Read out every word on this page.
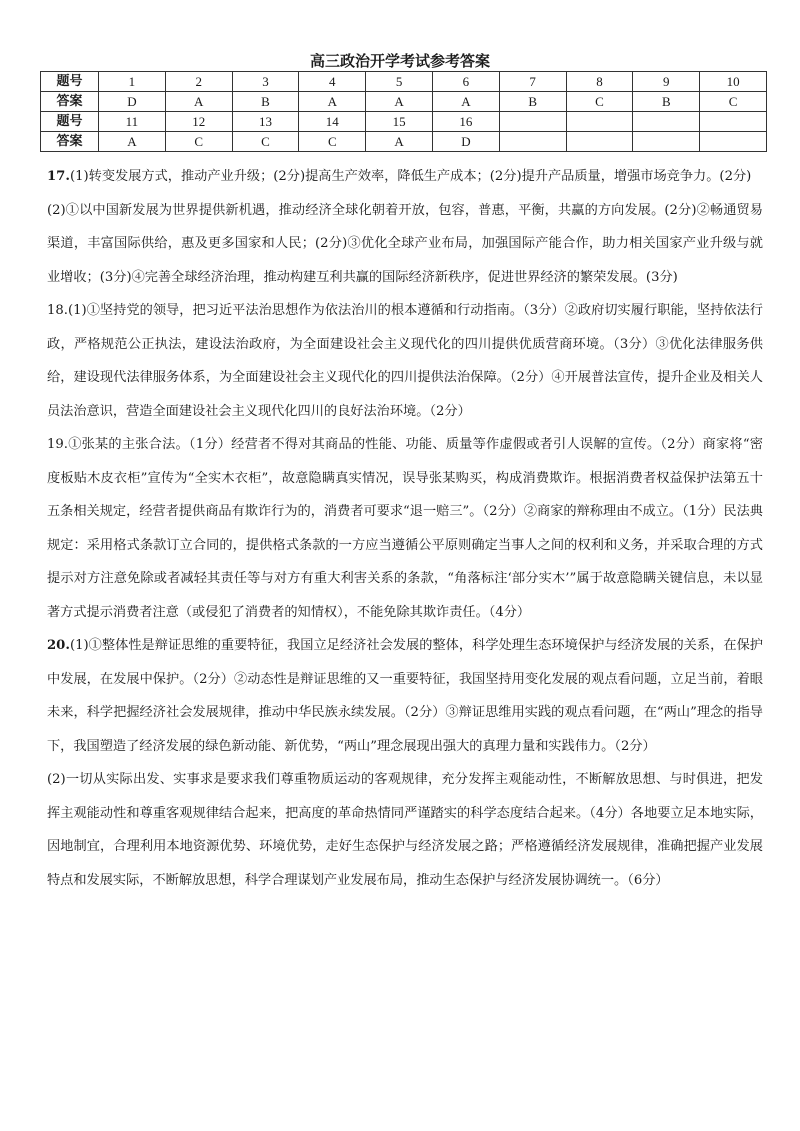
高三政治开学考试参考答案
题号	1	2	3	4	5	6	7	8	9	10
答案	D	A	B	A	A	A	B	C	B	C
题号	11	12	13	14	15	16				
答案	A	C	C	C	A	D				

17.(1)转变发展方式，推动产业升级；(2分)提高生产效率，降低生产成本；(2分)提升产品质量，增强市场竞争力。(2分)

(2)①以中国新发展为世界提供新机遇，推动经济全球化朝着开放，包容，普惠，平衡，共赢的方向发展。(2分)②畅通贸易渠道，丰富国际供给，惠及更多国家和人民；(2分)③优化全球产业布局，加强国际产能合作，助力相关国家产业升级与就业增收；(3分)④完善全球经济治理，推动构建互利共赢的国际经济新秩序，促进世界经济的繁荣发展。(3分)

18.(1)①坚持党的领导，把习近平法治思想作为依法治川的根本遵循和行动指南。（3分）②政府切实履行职能，坚持依法行政，严格规范公正执法，建设法治政府，为全面建设社会主义现代化的四川提供优质营商环境。（3分）③优化法律服务供给，建设现代法律服务体系，为全面建设社会主义现代化的四川提供法治保障。（2分）④开展普法宣传，提升企业及相关人员法治意识，营造全面建设社会主义现代化四川的良好法治环境。（2分）

19.①张某的主张合法。（1分）经营者不得对其商品的性能、功能、质量等作虚假或者引人误解的宣传。（2分）商家将“密度板贴木皮衣柜”宣传为“全实木衣柜”，故意隐瞒真实情况，误导张某购买，构成消费欺诈。根据消费者权益保护法第五十五条相关规定，经营者提供商品有欺诈行为的，消费者可要求“退一赔三”。（2分）②商家的辩称理由不成立。（1分）民法典规定：采用格式条款订立合同的，提供格式条款的一方应当遵循公平原则确定当事人之间的权利和义务，并采取合理的方式提示对方注意免除或者减轻其责任等与对方有重大利害关系的条款，“角落标注‘部分实木’”属于故意隐瞒关键信息，未以显著方式提示消费者注意（或侵犯了消费者的知情权），不能免除其欺诈责任。（4分）

20.(1)①整体性是辩证思维的重要特征，我国立足经济社会发展的整体，科学处理生态环境保护与经济发展的关系，在保护中发展，在发展中保护。（2分）②动态性是辩证思维的又一重要特征，我国坚持用变化发展的观点看问题，立足当前，着眼未来，科学把握经济社会发展规律，推动中华民族永续发展。（2分）③辩证思维用实践的观点看问题，在“两山”理念的指导下，我国塑造了经济发展的绿色新动能、新优势，“两山”理念展现出强大的真理力量和实践伟力。（2分）

(2)一切从实际出发、实事求是要求我们尊重物质运动的客观规律，充分发挥主观能动性，不断解放思想、与时俱进，把发挥主观能动性和尊重客观规律结合起来，把高度的革命热情同严谨踏实的科学态度结合起来。（4分）各地要立足本地实际，因地制宜，合理利用本地资源优势、环境优势，走好生态保护与经济发展之路；严格遵循经济发展规律，准确把握产业发展特点和发展实际，不断解放思想，科学合理谋划产业发展布局，推动生态保护与经济发展协调统一。（6分）
